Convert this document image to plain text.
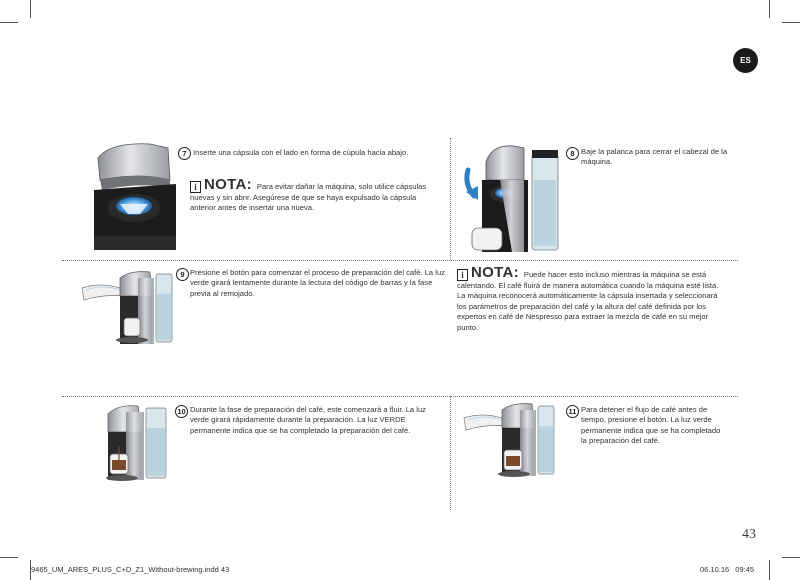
ES
7 Inserte una cápsula con el lado en forma de cúpula hacia abajo.
i NOTA: Para evitar dañar la máquina, solo utilice cápsulas nuevas y sin abrir. Asegúrese de que se haya expulsado la cápsula anterior antes de insertar una nueva.
8 Baje la palanca para cerrar el cabezal de la máquina.
9 Presione el botón para comenzar el proceso de preparación del café. La luz verde girará lentamente durante la lectura del código de barras y la fase previa al remojado.
i NOTA: Puede hacer esto incluso mientras la máquina se está calentando. El café fluirá de manera automática cuando la máquina esté lista. La máquina reconocerá automáticamente la cápsula insertada y seleccionará los parámetros de preparación del café y la altura del café definida por los expertos en café de Nespresso para extraer la mezcla de café en su mejor punto.
10 Durante la fase de preparación del café, este comenzará a fluir. La luz verde girará rápidamente durante la preparación. La luz VERDE permanente indica que se ha completado la preparación del café.
11 Para detener el flujo de café antes de tiempo, presione el botón. La luz verde permanente indica que se ha completado la preparación del café.
43
9465_UM_ARES_PLUS_C+D_Z1_Without-brewing.indd 43	06.10.16 09:45
